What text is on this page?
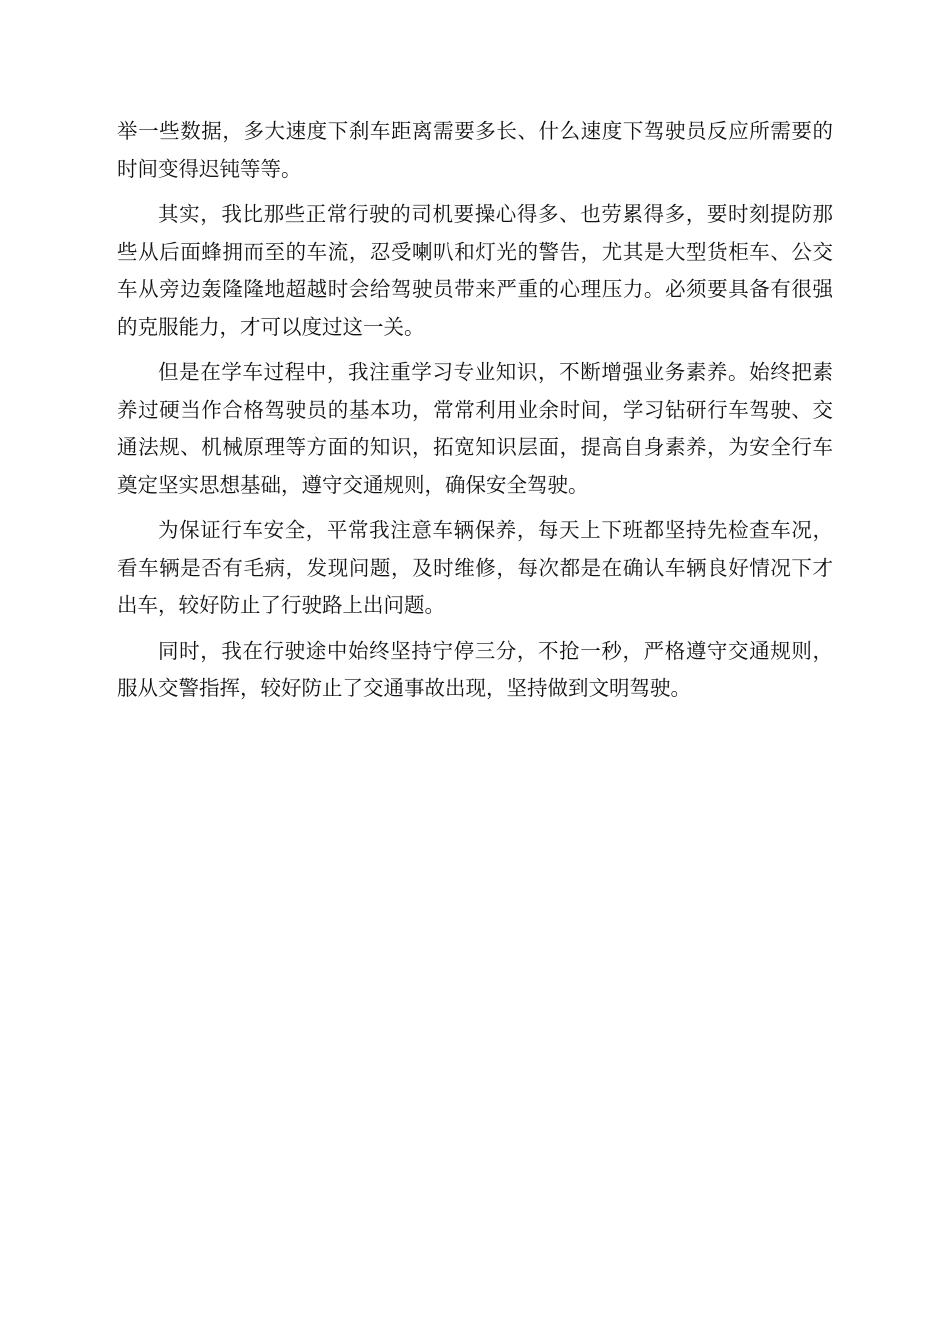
举一些数据，多大速度下刹车距离需要多长、什么速度下驾驶员反应所需要的时间变得迟钝等等。

其实，我比那些正常行驶的司机要操心得多、也劳累得多，要时刻提防那些从后面蜂拥而至的车流，忍受喇叭和灯光的警告，尤其是大型货柜车、公交车从旁边轰隆隆地超越时会给驾驶员带来严重的心理压力。必须要具备有很强的克服能力，才可以度过这一关。

但是在学车过程中，我注重学习专业知识，不断增强业务素养。始终把素养过硬当作合格驾驶员的基本功，常常利用业余时间，学习钻研行车驾驶、交通法规、机械原理等方面的知识，拓宽知识层面，提高自身素养，为安全行车奠定坚实思想基础，遵守交通规则，确保安全驾驶。

为保证行车安全，平常我注意车辆保养，每天上下班都坚持先检查车况，看车辆是否有毛病，发现问题，及时维修，每次都是在确认车辆良好情况下才出车，较好防止了行驶路上出问题。

同时，我在行驶途中始终坚持宁停三分，不抢一秒，严格遵守交通规则，服从交警指挥，较好防止了交通事故出现，坚持做到文明驾驶。
